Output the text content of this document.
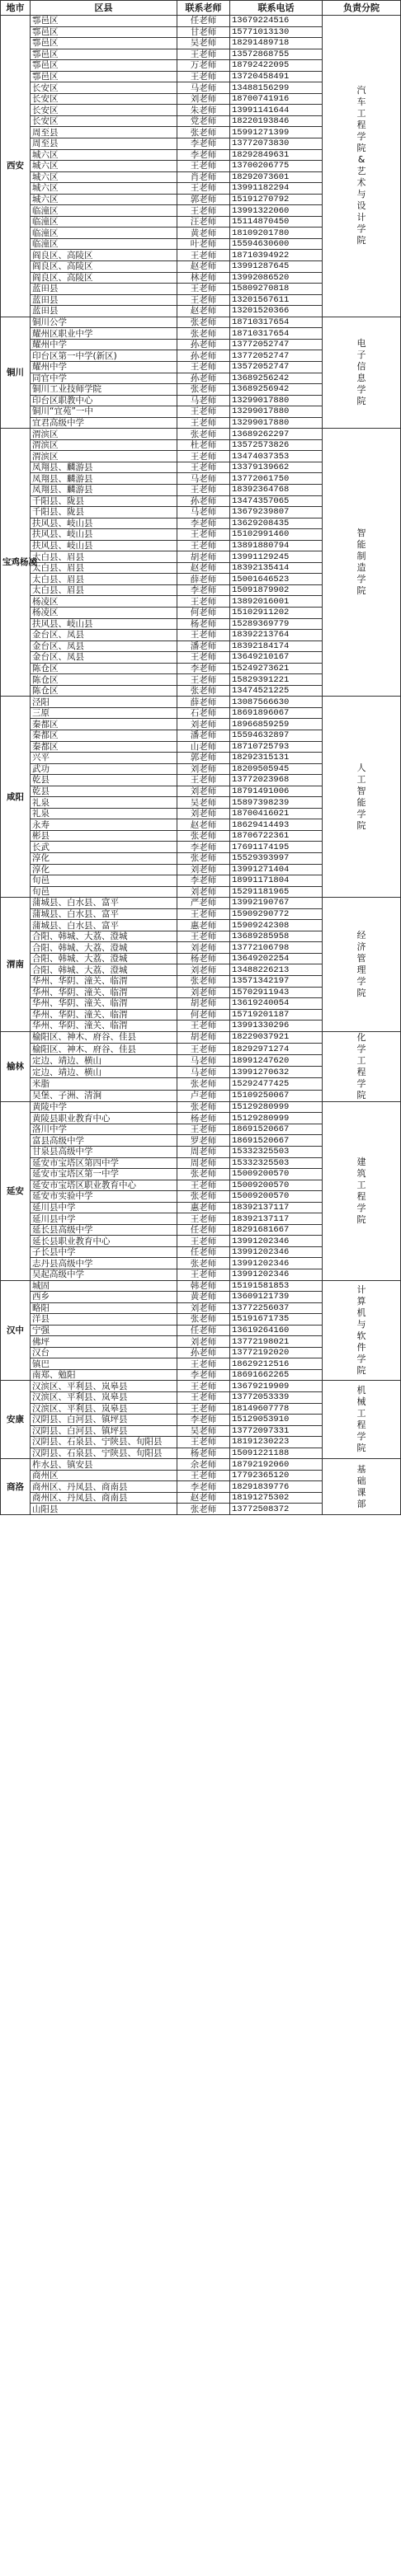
地市	区县	联系老师	联系电话	负责分院
西安	鄠邑区	任老师	13679224516	汽车工程学院 & 艺术与设计学院
	鄠邑区	甘老师	15771013130	
	鄠邑区	吴老师	18291489718	
	鄠邑区	王老师	13572868755	
	鄠邑区	万老师	18792422095	
	鄠邑区	王老师	13720458491	
	长安区	马老师	13488156299	
	长安区	刘老师	18700741916	
	长安区	朱老师	13991141644	
	长安区	党老师	18220193846	
	周至县	张老师	15991271399	
	周至县	李老师	13772073830	
	城六区	李老师	18292849631	
	城六区	王老师	13700206775	
	城六区	肖老师	18292073601	
	城六区	王老师	13991182294	
	城六区	郭老师	15191270792	
	临潼区	王老师	13991322060	
	临潼区	汪老师	15114870450	
	临潼区	黄老师	18109201780	
	临潼区	叶老师	15594630600	
	阎良区、高陵区	王老师	18710394922	
	阎良区、高陵区	赵老师	13991287645	
	阎良区、高陵区	林老师	13992086520	
	蓝田县	王老师	15809270818	
	蓝田县	王老师	13201567611	
	蓝田县	赵老师	13201520366	
铜川	铜川公学	张老师	18710317654	电子信息学院
	耀州区职业中学	张老师	18710317654	
	耀州中学	孙老师	13772052747	
	印台区第一中学(新区)	孙老师	13772052747	
	耀州中学	王老师	13572052747	
	同官中学	孙老师	13689256242	
	铜川工业技师学院	张老师	13689256942	
	印台区职教中心	马老师	13299017880	
	铜川“宜苑”一中	王老师	13299017880	
	宜君高级中学	王老师	13299017880	
宝鸡杨凌	渭滨区	张老师	13689262297	智能制造学院
	渭滨区	杜老师	13572573826	
	渭滨区	王老师	13474037353	
	凤翔县、麟游县	王老师	13379139662	
	凤翔县、麟游县	马老师	13772061750	
	凤翔县、麟游县	王老师	18392364768	
	千阳县、陇县	孙老师	13474357065	
	千阳县、陇县	马老师	13679239807	
	扶风县、岐山县	李老师	13629208435	
	扶风县、岐山县	王老师	15102991460	
	扶风县、岐山县	王老师	13891880794	
	太白县、眉县	胡老师	13991129245	
	太白县、眉县	赵老师	18392135414	
	太白县、眉县	薛老师	15001646523	
	太白县、眉县	李老师	15091879902	
	杨凌区	王老师	13892016001	
	杨凌区	何老师	15102911202	
	扶风县、岐山县	杨老师	15289369779	
	金台区、凤县	王老师	18392213764	
	金台区、凤县	潘老师	18392184174	
	金台区、凤县	王老师	13649210167	
	陈仓区	李老师	15249273621	
	陈仓区	王老师	15829391221	
	陈仓区	张老师	13474521225	
咸阳	泾阳	薛老师	13087566630	人工智能学院
	三原	石老师	18691896067	
	秦都区	刘老师	18966859259	
	秦都区	潘老师	15594632897	
	秦都区	山老师	18710725793	
	兴平	郭老师	18292315131	
	武功	刘老师	18209505945	
	乾县	王老师	13772023968	
	乾县	刘老师	18791491006	
	礼泉	吴老师	15897398239	
	礼泉	刘老师	18700416021	
	永寿	赵老师	18629414493	
	彬县	张老师	18706722361	
	长武	李老师	17691174195	
	淳化	张老师	15529393997	
	淳化	刘老师	13991271404	
	旬邑	李老师	18991171804	
	旬邑	刘老师	15291181965	
渭南	蒲城县、白水县、富平	严老师	13992190767	经济管理学院
	蒲城县、白水县、富平	王老师	15909290772	
	蒲城县、白水县、富平	惠老师	15909242308	
	合阳、韩城、大荔、澄城	王老师	13689285958	
	合阳、韩城、大荔、澄城	刘老师	13772106798	
	合阳、韩城、大荔、澄城	杨老师	13649202254	
	合阳、韩城、大荔、澄城	刘老师	13488226213	
	华州、华阴、潼关、临渭	张老师	13571342197	
	华州、华阴、潼关、临渭	刘老师	15702911943	
	华州、华阴、潼关、临渭	胡老师	13619240054	
	华州、华阴、潼关、临渭	何老师	15719201187	
	华州、华阴、潼关、临渭	王老师	13991330296	
榆林	榆阳区、神木、府谷、佳县	胡老师	18229037921	化学工程学院
	榆阳区、神木、府谷、佳县	王老师	18292971274	
	定边、靖边、横山	马老师	18991247620	
	定边、靖边、横山	马老师	13991270632	
	米脂	张老师	15292477425	
	吴堡、子洲、清涧	卢老师	15109250067	
延安	黄陵中学	张老师	15129280999	建筑工程学院
	黄陵县职业教育中心	杨老师	15129280999	
	洛川中学	王老师	18691520667	
	富县高级中学	罗老师	18691520667	
	甘泉县高级中学	周老师	15332325503	
	延安市宝塔区第四中学	周老师	15332325503	
	延安市宝塔区第一中学	张老师	15009200570	
	延安市宝塔区职业教育中心	王老师	15009200570	
	延安市实验中学	张老师	15009200570	
	延川县中学	惠老师	18392137117	
	延川县中学	王老师	18392137117	
	延长县高级中学	任老师	18291681667	
	延长县职业教育中心	王老师	13991202346	
	子长县中学	任老师	13991202346	
	志丹县高级中学	张老师	13991202346	
	吴起高级中学	王老师	13991202346	
汉中	城固	韩老师	15191581853	计算机与软件学院
	西乡	黄老师	13609121739	
	略阳	刘老师	13772256037	
	洋县	张老师	15191671735	
	宁强	任老师	13619264160	
	佛坪	刘老师	13772198021	
	汉台	孙老师	13772192020	
	镇巴	王老师	18629212516	
	南郑、勉阳	李老师	18691662265	
安康	汉滨区、平利县、岚皋县	王老师	13679219909	机械工程学院
	汉滨区、平利县、岚皋县	王老师	13772053339	
	汉滨区、平利县、岚皋县	王老师	18149607778	
	汉阴县、白河县、镇坪县	李老师	15129053910	
	汉阴县、白河县、镇坪县	吴老师	13772097331	
	汉阴县、石泉县、宁陕县、旬阳县	王老师	18191230223	
	汉阴县、石泉县、宁陕县、旬阳县	杨老师	15091221188	
商洛	柞水县、镇安县	余老师	18792192060	基础课部
	商州区	王老师	17792365120	
	商州区、丹凤县、商南县	李老师	18291839776	
	商州区、丹凤县、商南县	赵老师	18191275302	
	山阳县	张老师	13772508372	
